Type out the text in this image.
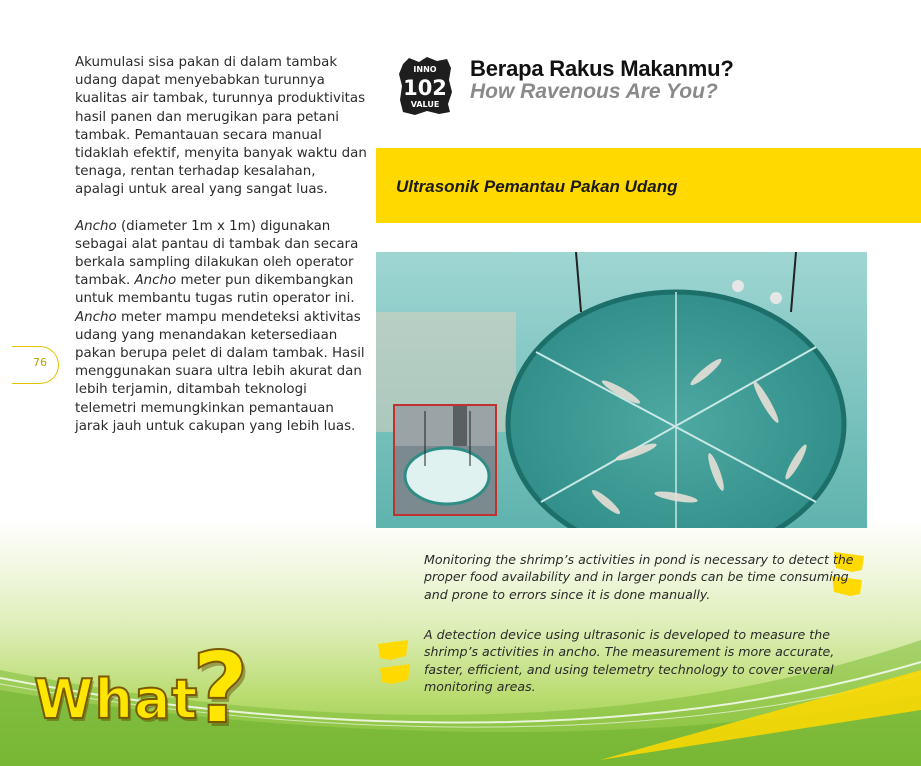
Akumulasi sisa pakan di dalam tambak udang dapat menyebabkan turunnya kualitas air tambak, turunnya produktivitas hasil panen dan merugikan para petani tambak. Pemantauan secara manual tidaklah efektif, menyita banyak waktu dan tenaga, rentan terhadap kesalahan, apalagi untuk areal yang sangat luas.

Ancho (diameter 1m x 1m) digunakan sebagai alat pantau di tambak dan secara berkala sampling dilakukan oleh operator tambak. Ancho meter pun dikembangkan untuk membantu tugas rutin operator ini. Ancho meter mampu mendeteksi aktivitas udang yang menandakan ketersediaan pakan berupa pelet di dalam tambak. Hasil menggunakan suara ultra lebih akurat dan lebih terjamin, ditambah teknologi telemetri memungkinkan pemantauan jarak jauh untuk cakupan yang lebih luas.

76
INNO
102
VALUE
Berapa Rakus Makanmu?
How Ravenous Are You?
Ultrasonik Pemantau Pakan Udang
Monitoring the shrimp’s activities in pond is necessary to detect the proper food availability and in larger ponds can be time consuming and prone to errors since it is done manually.
A detection device using ultrasonic is developed to measure the shrimp’s activities in ancho. The measurement is more accurate, faster, efficient, and using telemetry technology to cover several monitoring areas.
What
?
